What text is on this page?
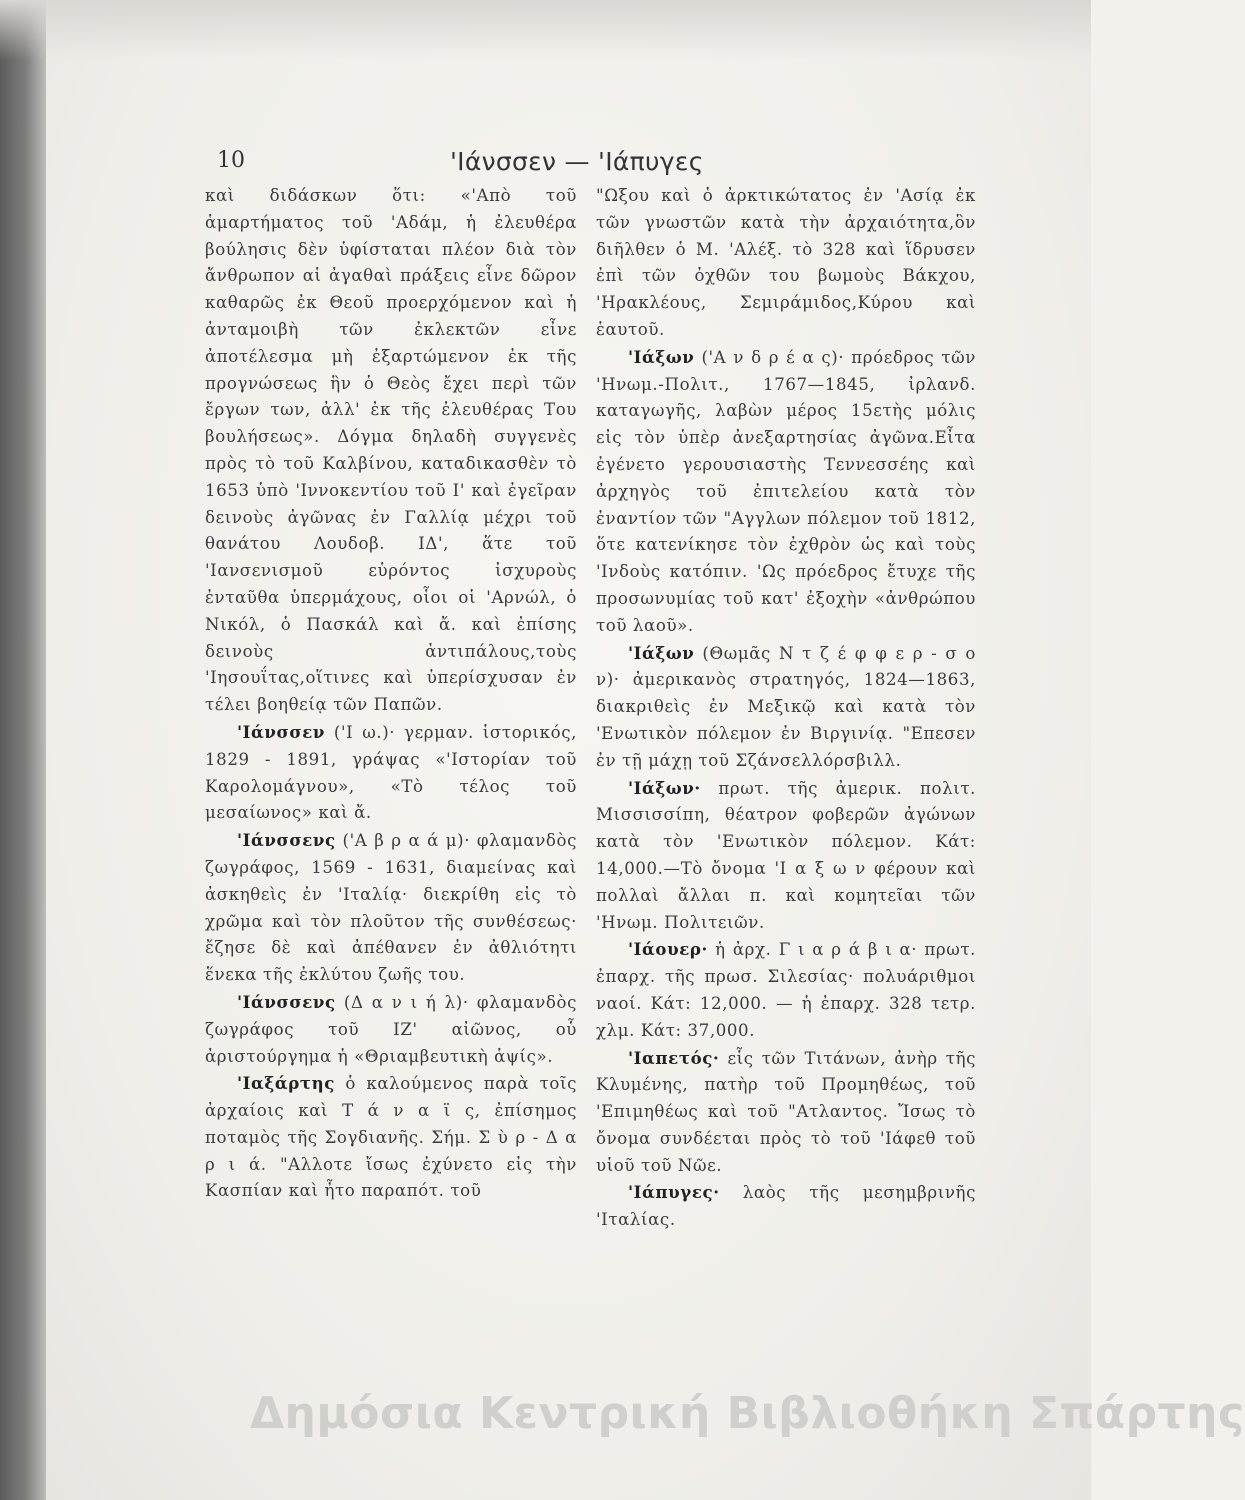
10	'Ιάνσσεν — 'Ιάπυγες

καὶ διδάσκων ὅτι: «'Απὸ τοῦ ἁμαρτήματος τοῦ 'Αδάμ, ἡ ἐλευθέρα βούλησις δὲν ὑφίσταται πλέον διὰ τὸν ἄνθρωπον αἱ ἀγαθαὶ πράξεις εἶνε δῶρον καθαρῶς ἐκ Θεοῦ προερχόμενον καὶ ἡ ἀνταμοιβὴ τῶν ἐκλεκτῶν εἶνε ἀποτέλεσμα μὴ ἐξαρτώμενον ἐκ τῆς προγνώσεως ἣν ὁ Θεὸς ἔχει περὶ τῶν ἔργων των, ἀλλ' ἐκ τῆς ἐλευθέρας Του βουλήσεως». Δόγμα δηλαδὴ συγγενὲς πρὸς τὸ τοῦ Καλβίνου, καταδικασθὲν τὸ 1653 ὑπὸ 'Ιννοκεντίου τοῦ Ι' καὶ ἐγεῖραν δεινοὺς ἀγῶνας ἐν Γαλλίᾳ μέχρι τοῦ θανάτου Λουδοβ. ΙΔ', ἅτε τοῦ 'Ιανσενισμοῦ εὑρόντος ἰσχυροὺς ἐνταῦθα ὑπερμάχους, οἷοι οἱ 'Αρνώλ, ὁ Νικόλ, ὁ Πασκάλ καὶ ἄ. καὶ ἐπίσης δεινοὺς ἀντιπάλους,τοὺς 'Ιησουΐτας,οἵτινες καὶ ὑπερίσχυσαν ἐν τέλει βοηθείᾳ τῶν Παπῶν.

'Ιάνσσεν ('Ι ω.)· γερμαν. ἱστορικός, 1829 - 1891, γράψας «'Ιστορίαν τοῦ Καρολομάγνου», «Τὸ τέλος τοῦ μεσαίωνος» καὶ ἄ.

'Ιάνσσενς ('Α β ρ α ά μ)· φλαμανδὸς ζωγράφος, 1569 - 1631, διαμείνας καὶ ἀσκηθεὶς ἐν 'Ιταλίᾳ· διεκρίθη εἰς τὸ χρῶμα καὶ τὸν πλοῦτον τῆς συνθέσεως· ἔζησε δὲ καὶ ἀπέθανεν ἐν ἀθλιότητι ἕνεκα τῆς ἐκλύτου ζωῆς του.

'Ιάνσσενς (Δ α ν ι ή λ)· φλαμανδὸς ζωγράφος τοῦ ΙΖ' αἰῶνος, οὗ ἀριστούργημα ἡ «Θριαμβευτικὴ ἁψίς».

'Ιαξάρτης ὁ καλούμενος παρὰ τοῖς ἀρχαίοις καὶ Τ ά ν α ϊ ς, ἐπίσημος ποταμὸς τῆς Σογδιανῆς. Σήμ. Σ ὺ ρ - Δ α ρ ι ά. "Αλλοτε ἴσως ἐχύνετο εἰς τὴν Κασπίαν καὶ ἦτο παραπότ. τοῦ

"Ωξου καὶ ὁ ἀρκτικώτατος ἐν 'Ασίᾳ ἐκ τῶν γνωστῶν κατὰ τὴν ἀρχαιότητα,ὃν διῆλθεν ὁ Μ. 'Αλέξ. τὸ 328 καὶ ἵδρυσεν ἐπὶ τῶν ὀχθῶν του βωμοὺς Βάκχου, 'Ηρακλέους, Σεμιράμιδος,Κύρου καὶ ἑαυτοῦ.

'Ιάξων ('Α ν δ ρ έ α ς)· πρόεδρος τῶν 'Ηνωμ.-Πολιτ., 1767—1845, ἰρλανδ. καταγωγῆς, λαβὼν μέρος 15ετὴς μόλις εἰς τὸν ὑπὲρ ἀνεξαρτησίας ἀγῶνα.Εἶτα ἐγένετο γερουσιαστὴς Τεννεσσέης καὶ ἀρχηγὸς τοῦ ἐπιτελείου κατὰ τὸν ἐναντίον τῶν "Αγγλων πόλεμον τοῦ 1812, ὅτε κατενίκησε τὸν ἐχθρὸν ὡς καὶ τοὺς 'Ινδοὺς κατόπιν. 'Ως πρόεδρος ἔτυχε τῆς προσωνυμίας τοῦ κατ' ἐξοχὴν «ἀνθρώπου τοῦ λαοῦ».

'Ιάξων (Θωμᾶς Ν τ ζ έ φ φ ε ρ - σ ο ν)· ἀμερικανὸς στρατηγός, 1824—1863, διακριθεὶς ἐν Μεξικῷ καὶ κατὰ τὸν 'Ενωτικὸν πόλεμον ἐν Βιργινίᾳ. "Επεσεν ἐν τῇ μάχῃ τοῦ Σζάνσελλόρσβιλλ.

'Ιάξων· πρωτ. τῆς ἀμερικ. πολιτ. Μισσισσίπη, θέατρον φοβερῶν ἀγώνων κατὰ τὸν 'Ενωτικὸν πόλεμον. Κάτ: 14,000.—Τὸ ὄνομα 'Ι α ξ ω ν φέρουν καὶ πολλαὶ ἄλλαι π. καὶ κομητεῖαι τῶν 'Ηνωμ. Πολιτειῶν.

'Ιάουερ· ἡ ἀρχ. Γ ι α ρ ά β ι α· πρωτ. ἐπαρχ. τῆς πρωσ. Σιλεσίας· πολυάριθμοι ναοί. Κάτ: 12,000. — ἡ ἐπαρχ. 328 τετρ. χλμ. Κάτ: 37,000.

'Ιαπετός· εἷς τῶν Τιτάνων, ἀνὴρ τῆς Κλυμένης, πατὴρ τοῦ Προμηθέως, τοῦ 'Επιμηθέως καὶ τοῦ "Ατλαντος. Ἴσως τὸ ὄνομα συνδέεται πρὸς τὸ τοῦ 'Ιάφεθ τοῦ υἱοῦ τοῦ Νῶε.

'Ιάπυγες· λαὸς τῆς μεσημβρινῆς 'Ιταλίας.

Δημόσια Κεντρική Βιβλιοθήκη Σπάρτης
